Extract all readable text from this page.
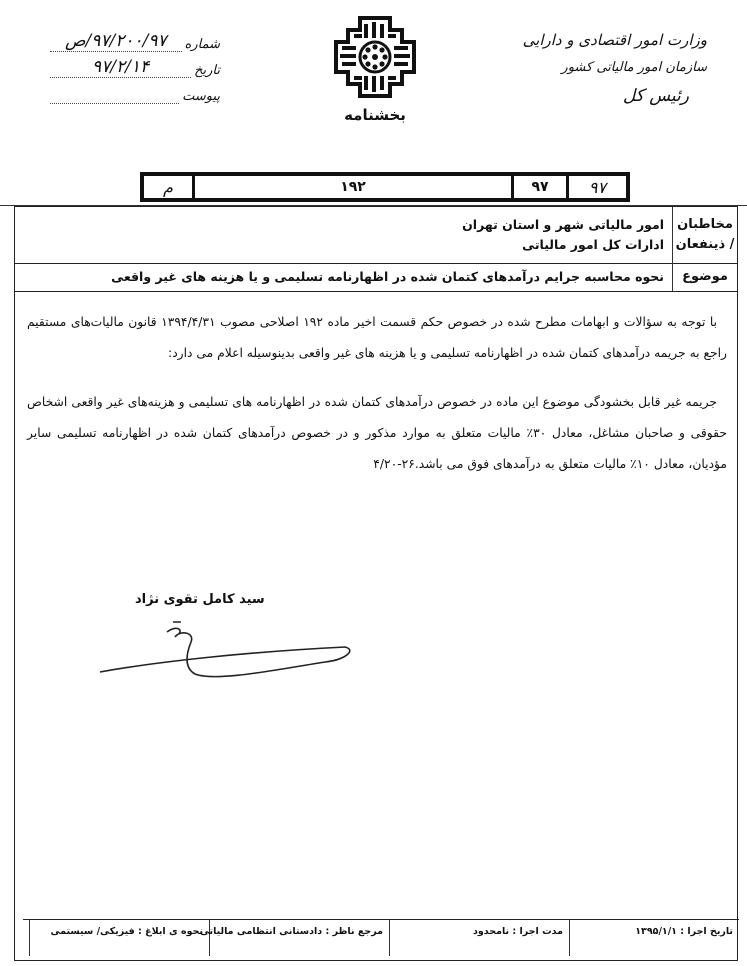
شماره
۹۷/۲۰۰/۹۷/ص
تاریخ
۹۷/۲/۱۴
پیوست
بخشنامه
وزارت امور اقتصادی و دارایی
سازمان امور مالیاتی کشور
رئیس کل
۹۷
۹۷
۱۹۲
م
مخاطبان
/ ذینفعان
امور مالیاتی شهر و استان تهران
ادارات کل امور مالیاتی
موضوع
نحوه محاسبه جرایم درآمدهای کتمان شده در اظهارنامه تسلیمی و یا هزینه های غیر واقعی

با توجه به سؤالات و ابهامات مطرح شده در خصوص حکم قسمت اخیر ماده ۱۹۲ اصلاحی مصوب ۱۳۹۴/۴/۳۱ قانون مالیات‌های مستقیم راجع به جریمه درآمدهای کتمان شده در اظهارنامه تسلیمی و یا هزینه های غیر واقعی بدینوسیله اعلام می دارد:

جریمه غیر قابل بخشودگی موضوع این ماده در خصوص درآمدهای کتمان شده در اظهارنامه های تسلیمی و هزینه‌های غیر واقعی اشخاص حقوقی و صاحبان مشاغل، معادل ۳۰٪ مالیات متعلق به موارد مذکور و در خصوص درآمدهای کتمان شده در اظهارنامه تسلیمی سایر مؤدیان، معادل ۱۰٪ مالیات متعلق به درآمدهای فوق می باشد.۲۶-۴/۲۰

سید کامل تقوی نژاد
تاریخ اجرا : ۱۳۹۵/۱/۱
مدت اجرا : نامحدود
مرجع ناظر : دادستانی انتظامی مالیاتی
نحوه ی ابلاغ : فیزیکی/ سیستمی
